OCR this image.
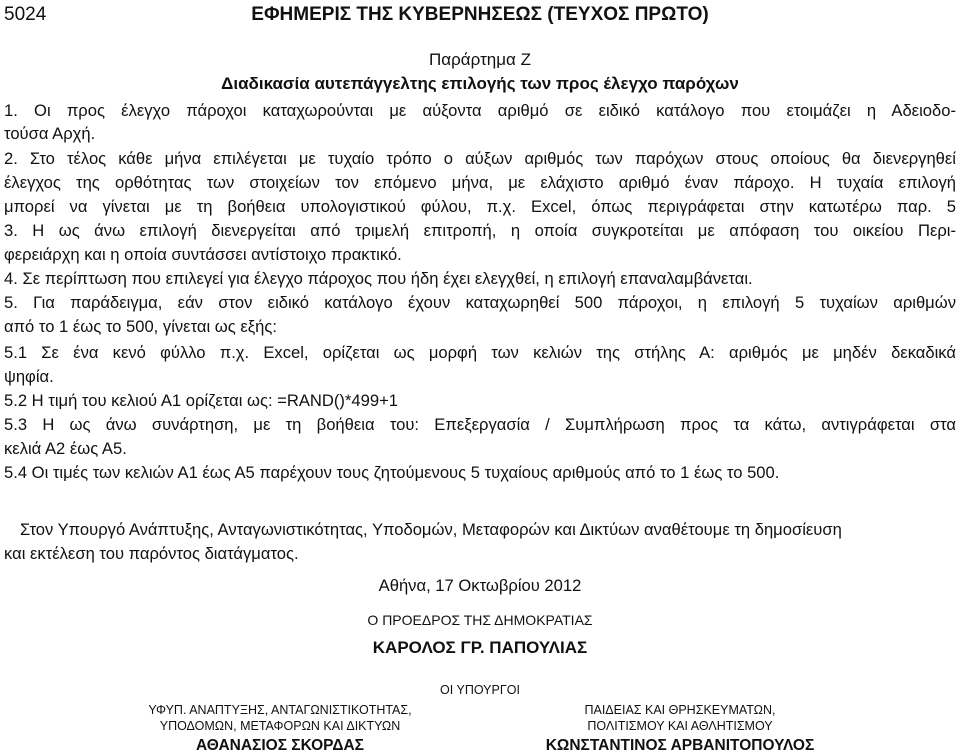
5024	ΕΦΗΜΕΡΙΣ ΤΗΣ ΚΥΒΕΡΝΗΣΕΩΣ (ΤΕΥΧΟΣ ΠΡΩΤΟ)
Παράρτημα Ζ
Διαδικασία αυτεπάγγελτης επιλογής των προς έλεγχο παρόχων
1. Οι προς έλεγχο πάροχοι καταχωρούνται με αύξοντα αριθμό σε ειδικό κατάλογο που ετοιμάζει η Αδειοδο-
τούσα Αρχή.
2. Στο τέλος κάθε μήνα επιλέγεται με τυχαίο τρόπο ο αύξων αριθμός των παρόχων στους οποίους θα διενεργηθεί
έλεγχος της ορθότητας των στοιχείων τον επόμενο μήνα, με ελάχιστο αριθμό έναν πάροχο. Η τυχαία επιλογή
μπορεί να γίνεται με τη βοήθεια υπολογιστικού φύλου, π.χ. Excel, όπως περιγράφεται στην κατωτέρω παρ. 5
3. Η ως άνω επιλογή διενεργείται από τριμελή επιτροπή, η οποία συγκροτείται με απόφαση του οικείου Περι-
φερειάρχη και η οποία συντάσσει αντίστοιχο πρακτικό.
4. Σε περίπτωση που επιλεγεί για έλεγχο πάροχος που ήδη έχει ελεγχθεί, η επιλογή επαναλαμβάνεται.
5. Για παράδειγμα, εάν στον ειδικό κατάλογο έχουν καταχωρηθεί 500 πάροχοι, η επιλογή 5 τυχαίων αριθμών
από το 1 έως το 500, γίνεται ως εξής:
5.1 Σε ένα κενό φύλλο π.χ. Excel, ορίζεται ως μορφή των κελιών της στήλης Α: αριθμός με μηδέν δεκαδικά
ψηφία.
5.2 Η τιμή του κελιού Α1 ορίζεται ως: =RAND()*499+1
5.3 Η ως άνω συνάρτηση, με τη βοήθεια του: Επεξεργασία / Συμπλήρωση προς τα κάτω, αντιγράφεται στα
κελιά Α2 έως Α5.
5.4 Οι τιμές των κελιών Α1 έως Α5 παρέχουν τους ζητούμενους 5 τυχαίους αριθμούς από το 1 έως το 500.
Στον Υπουργό Ανάπτυξης, Ανταγωνιστικότητας, Υποδομών, Μεταφορών και Δικτύων αναθέτουμε τη δημοσίευση
και εκτέλεση του παρόντος διατάγματος.
Αθήνα, 17 Οκτωβρίου 2012
Ο ΠΡΟΕΔΡΟΣ ΤΗΣ ΔΗΜΟΚΡΑΤΙΑΣ
ΚΑΡΟΛΟΣ ΓΡ. ΠΑΠΟΥΛΙΑΣ
ΟΙ ΥΠΟΥΡΓΟΙ
ΥΦΥΠ. ΑΝΑΠΤΥΞΗΣ, ΑΝΤΑΓΩΝΙΣΤΙΚΟΤΗΤΑΣ,
ΥΠΟΔΟΜΩΝ, ΜΕΤΑΦΟΡΩΝ ΚΑΙ ΔΙΚΤΥΩΝ
ΑΘΑΝΑΣΙΟΣ ΣΚΟΡΔΑΣ
ΠΑΙΔΕΙΑΣ ΚΑΙ ΘΡΗΣΚΕΥΜΑΤΩΝ,
ΠΟΛΙΤΙΣΜΟΥ ΚΑΙ ΑΘΛΗΤΙΣΜΟΥ
ΚΩΝΣΤΑΝΤΙΝΟΣ ΑΡΒΑΝΙΤΟΠΟΥΛΟΣ
